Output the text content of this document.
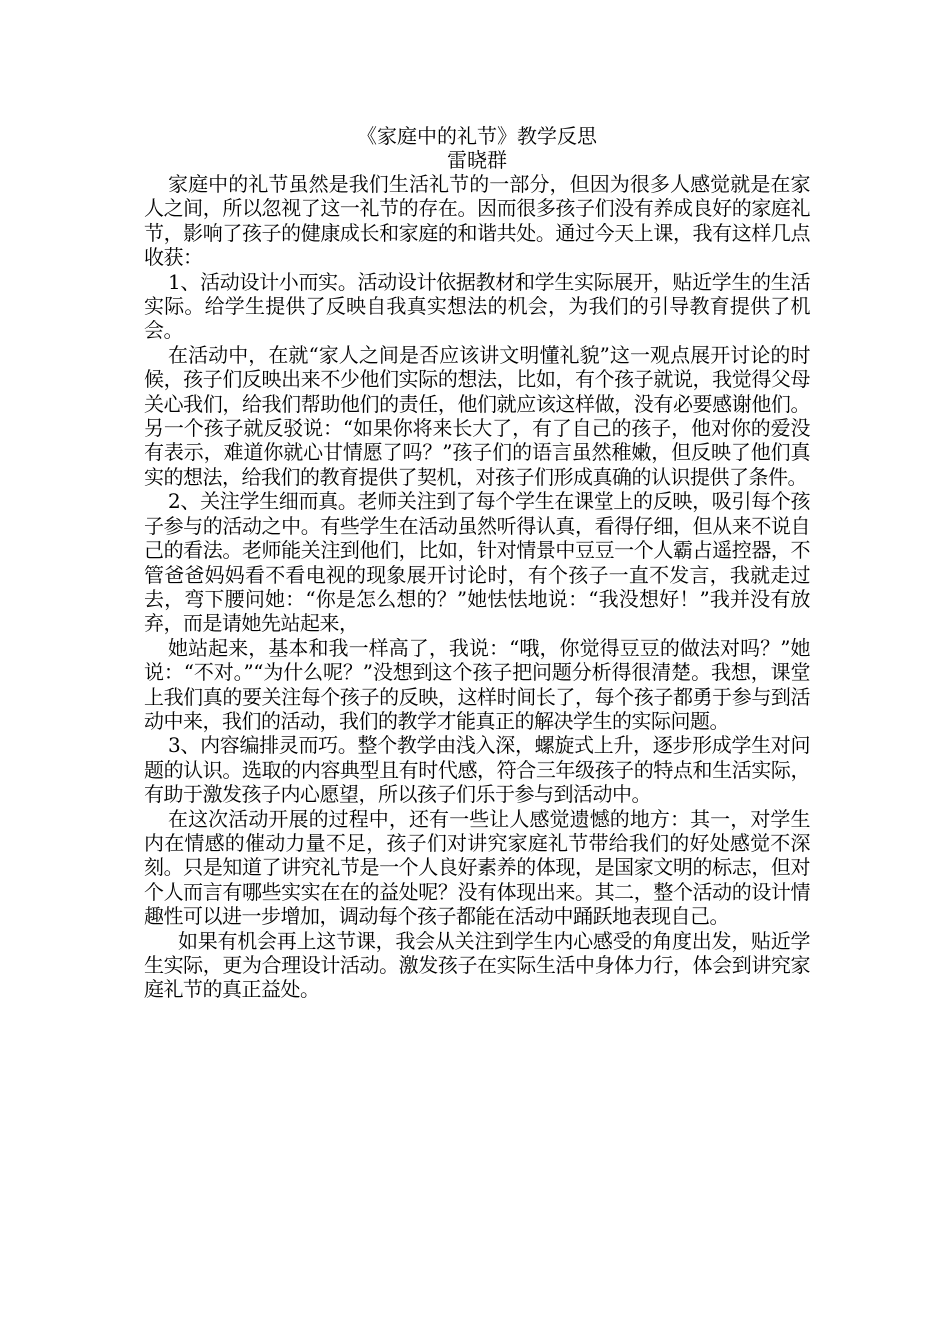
《家庭中的礼节》教学反思

雷晓群

家庭中的礼节虽然是我们生活礼节的一部分，但因为很多人感觉就是在家人之间，所以忽视了这一礼节的存在。因而很多孩子们没有养成良好的家庭礼节，影响了孩子的健康成长和家庭的和谐共处。通过今天上课，我有这样几点收获：

1、活动设计小而实。活动设计依据教材和学生实际展开，贴近学生的生活实际。给学生提供了反映自我真实想法的机会，为我们的引导教育提供了机会。

在活动中，在就“家人之间是否应该讲文明懂礼貌”这一观点展开讨论的时候，孩子们反映出来不少他们实际的想法，比如，有个孩子就说，我觉得父母关心我们，给我们帮助他们的责任，他们就应该这样做，没有必要感谢他们。另一个孩子就反驳说：“如果你将来长大了，有了自己的孩子，他对你的爱没有表示，难道你就心甘情愿了吗？”孩子们的语言虽然稚嫩，但反映了他们真实的想法，给我们的教育提供了契机，对孩子们形成真确的认识提供了条件。

2、关注学生细而真。老师关注到了每个学生在课堂上的反映，吸引每个孩子参与的活动之中。有些学生在活动虽然听得认真，看得仔细，但从来不说自己的看法。老师能关注到他们，比如，针对情景中豆豆一个人霸占遥控器，不管爸爸妈妈看不看电视的现象展开讨论时，有个孩子一直不发言，我就走过去，弯下腰问她：“你是怎么想的？”她怯怯地说：“我没想好！”我并没有放弃，而是请她先站起来，

她站起来，基本和我一样高了，我说：“哦，你觉得豆豆的做法对吗？”她说：“不对。”“为什么呢？”没想到这个孩子把问题分析得很清楚。我想，课堂上我们真的要关注每个孩子的反映，这样时间长了，每个孩子都勇于参与到活动中来，我们的活动，我们的教学才能真正的解决学生的实际问题。

3、内容编排灵而巧。整个教学由浅入深，螺旋式上升，逐步形成学生对问题的认识。选取的内容典型且有时代感，符合三年级孩子的特点和生活实际，有助于激发孩子内心愿望，所以孩子们乐于参与到活动中。

在这次活动开展的过程中，还有一些让人感觉遗憾的地方：其一，对学生内在情感的催动力量不足，孩子们对讲究家庭礼节带给我们的好处感觉不深刻。只是知道了讲究礼节是一个人良好素养的体现，是国家文明的标志，但对个人而言有哪些实实在在的益处呢？没有体现出来。其二，整个活动的设计情趣性可以进一步增加，调动每个孩子都能在活动中踊跃地表现自己。

如果有机会再上这节课，我会从关注到学生内心感受的角度出发，贴近学生实际，更为合理设计活动。激发孩子在实际生活中身体力行，体会到讲究家庭礼节的真正益处。
